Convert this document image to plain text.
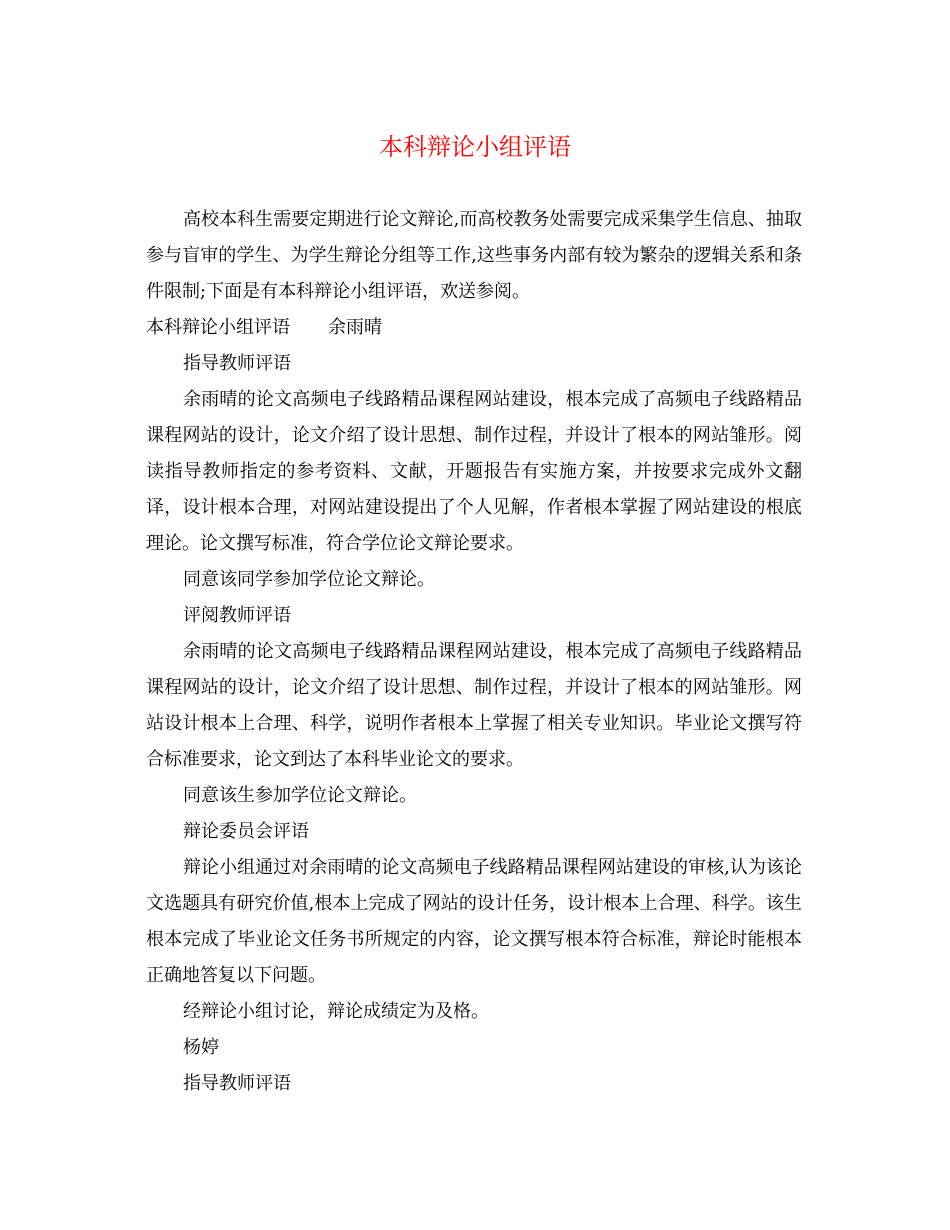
本科辩论小组评语

高校本科生需要定期进行论文辩论,而高校教务处需要完成采集学生信息、抽取参与盲审的学生、为学生辩论分组等工作,这些事务内部有较为繁杂的逻辑关系和条件限制;下面是有本科辩论小组评语，欢送参阅。

本科辩论小组评语 余雨晴

指导教师评语

余雨晴的论文高频电子线路精品课程网站建设，根本完成了高频电子线路精品课程网站的设计，论文介绍了设计思想、制作过程，并设计了根本的网站雏形。阅读指导教师指定的参考资料、文献，开题报告有实施方案，并按要求完成外文翻译，设计根本合理，对网站建设提出了个人见解，作者根本掌握了网站建设的根底理论。论文撰写标准，符合学位论文辩论要求。

同意该同学参加学位论文辩论。

评阅教师评语

余雨晴的论文高频电子线路精品课程网站建设，根本完成了高频电子线路精品课程网站的设计，论文介绍了设计思想、制作过程，并设计了根本的网站雏形。网站设计根本上合理、科学，说明作者根本上掌握了相关专业知识。毕业论文撰写符合标准要求，论文到达了本科毕业论文的要求。

同意该生参加学位论文辩论。

辩论委员会评语

辩论小组通过对余雨晴的论文高频电子线路精品课程网站建设的审核,认为该论文选题具有研究价值,根本上完成了网站的设计任务，设计根本上合理、科学。该生根本完成了毕业论文任务书所规定的内容，论文撰写根本符合标准，辩论时能根本正确地答复以下问题。

经辩论小组讨论，辩论成绩定为及格。

杨婷

指导教师评语
